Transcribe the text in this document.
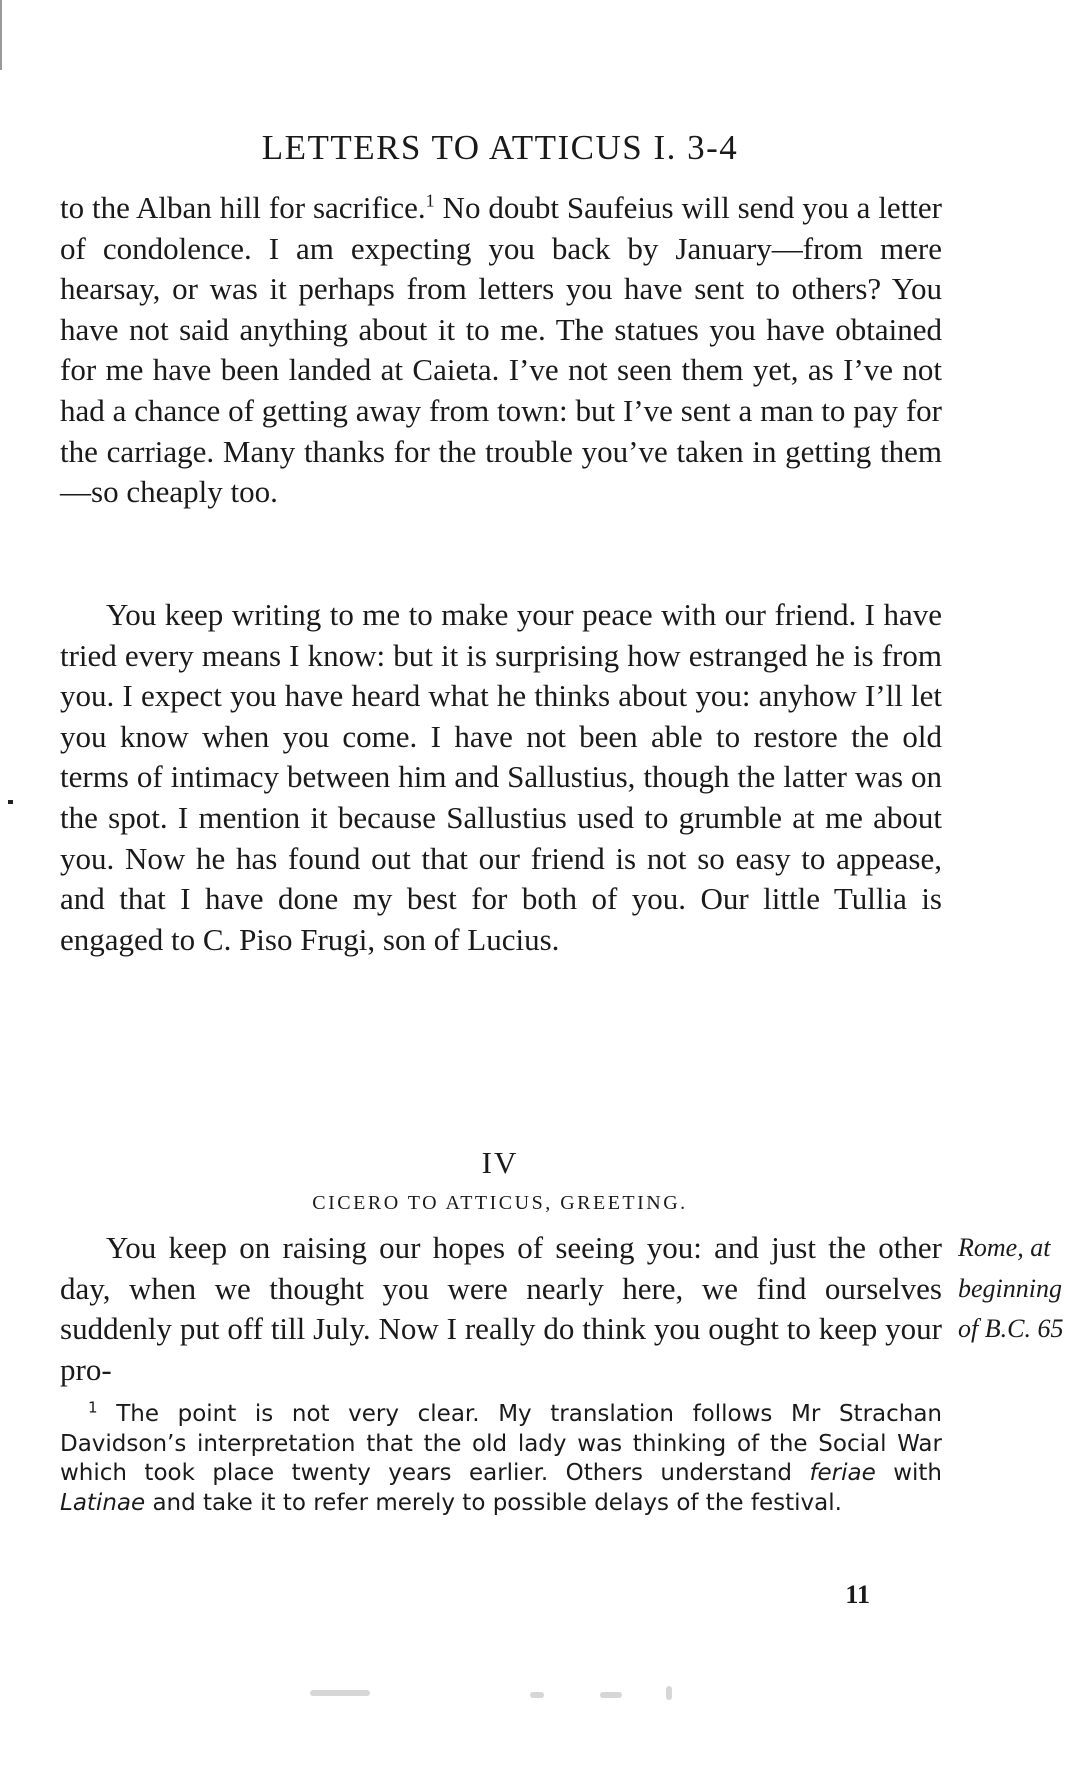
LETTERS TO ATTICUS I. 3-4

to the Alban hill for sacrifice.$^1$ No doubt Saufeius will send you a letter of condolence. I am expecting you back by January—from mere hearsay, or was it perhaps from letters you have sent to others? You have not said anything about it to me. The statues you have obtained for me have been landed at Caieta. I’ve not seen them yet, as I’ve not had a chance of getting away from town: but I’ve sent a man to pay for the carriage. Many thanks for the trouble you’ve taken in getting them—so cheaply too.

You keep writing to me to make your peace with our friend. I have tried every means I know: but it is surprising how estranged he is from you. I expect you have heard what he thinks about you: anyhow I’ll let you know when you come. I have not been able to restore the old terms of intimacy between him and Sallustius, though the latter was on the spot. I mention it because Sallustius used to grumble at me about you. Now he has found out that our friend is not so easy to appease, and that I have done my best for both of you. Our little Tullia is engaged to C. Piso Frugi, son of Lucius.

IV
CICERO TO ATTICUS, GREETING.

You keep on raising our hopes of seeing you: and just the other day, when we thought you were nearly here, we find ourselves suddenly put off till July. Now I really do think you ought to keep your pro-

Rome, at
beginning
of B.C. 65

$^1$ The point is not very clear. My translation follows Mr Strachan Davidson’s interpretation that the old lady was thinking of the Social War which took place twenty years earlier. Others understand feriae with Latinae and take it to refer merely to possible delays of the festival.

11
